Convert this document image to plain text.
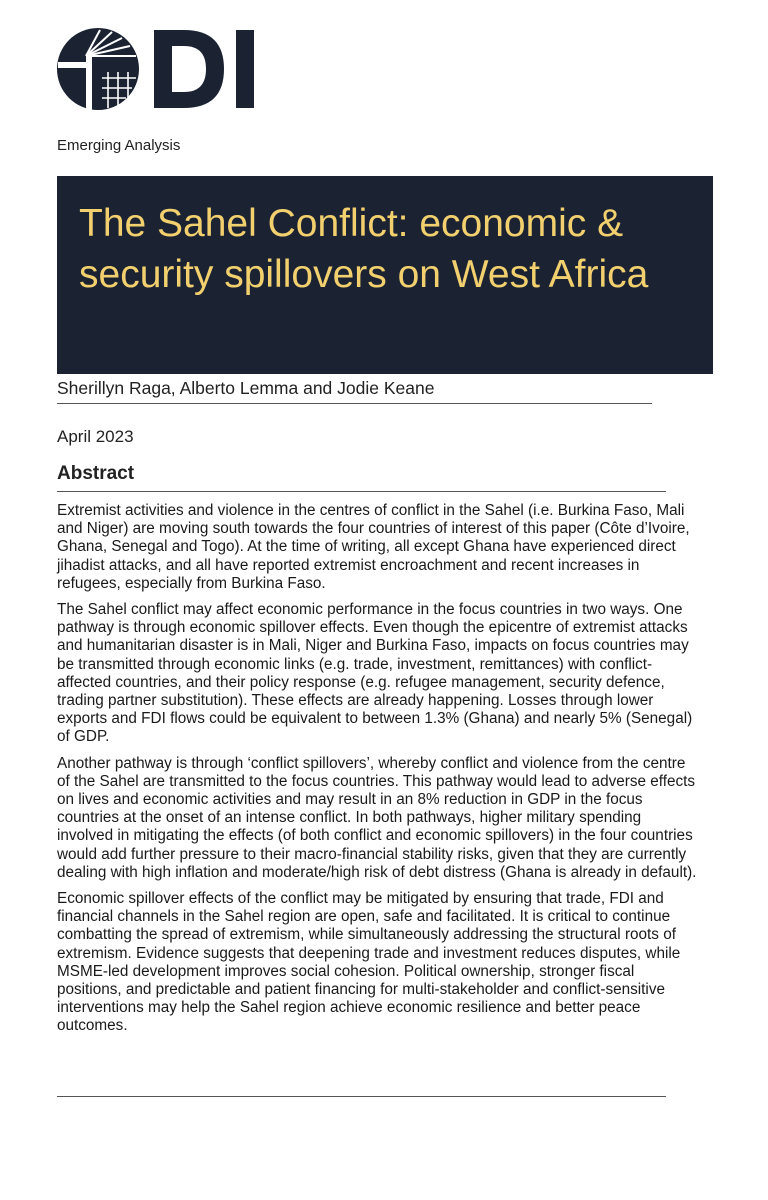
Emerging Analysis
The Sahel Conflict: economic & security spillovers on West Africa
Sherillyn Raga, Alberto Lemma and Jodie Keane
April 2023
Abstract

Extremist activities and violence in the centres of conflict in the Sahel (i.e. Burkina Faso, Mali and Niger) are moving south towards the four countries of interest of this paper (Côte d’Ivoire, Ghana, Senegal and Togo). At the time of writing, all except Ghana have experienced direct jihadist attacks, and all have reported extremist encroachment and recent increases in refugees, especially from Burkina Faso.

The Sahel conflict may affect economic performance in the focus countries in two ways. One pathway is through economic spillover effects. Even though the epicentre of extremist attacks and humanitarian disaster is in Mali, Niger and Burkina Faso, impacts on focus countries may be transmitted through economic links (e.g. trade, investment, remittances) with conflict-affected countries, and their policy response (e.g. refugee management, security defence, trading partner substitution). These effects are already happening. Losses through lower exports and FDI flows could be equivalent to between 1.3% (Ghana) and nearly 5% (Senegal) of GDP.

Another pathway is through ‘conflict spillovers’, whereby conflict and violence from the centre of the Sahel are transmitted to the focus countries. This pathway would lead to adverse effects on lives and economic activities and may result in an 8% reduction in GDP in the focus countries at the onset of an intense conflict. In both pathways, higher military spending involved in mitigating the effects (of both conflict and economic spillovers) in the four countries would add further pressure to their macro-financial stability risks, given that they are currently dealing with high inflation and moderate/high risk of debt distress (Ghana is already in default).

Economic spillover effects of the conflict may be mitigated by ensuring that trade, FDI and financial channels in the Sahel region are open, safe and facilitated. It is critical to continue combatting the spread of extremism, while simultaneously addressing the structural roots of extremism. Evidence suggests that deepening trade and investment reduces disputes, while MSME-led development improves social cohesion. Political ownership, stronger fiscal positions, and predictable and patient financing for multi-stakeholder and conflict-sensitive interventions may help the Sahel region achieve economic resilience and better peace outcomes.
